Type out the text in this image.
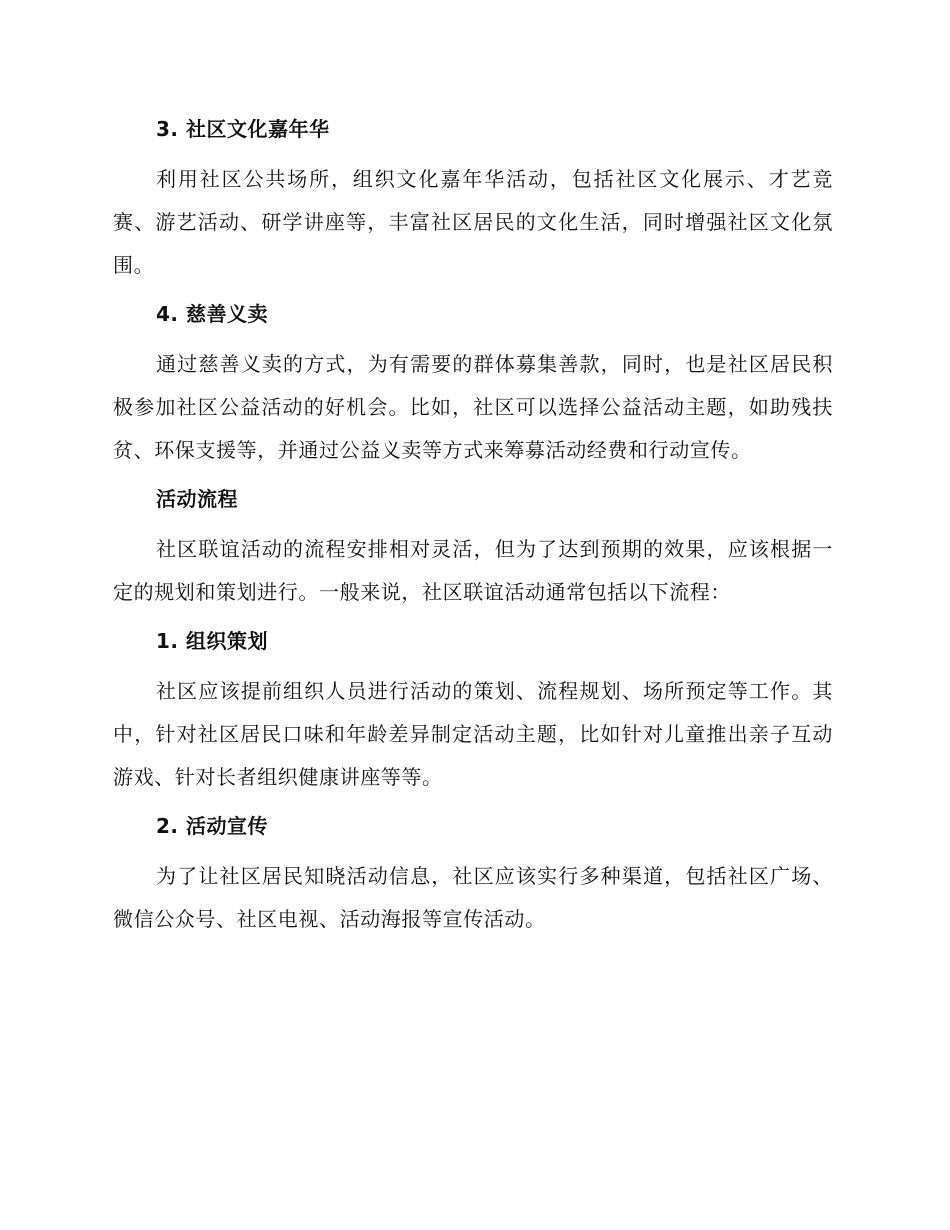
3. 社区文化嘉年华

利用社区公共场所，组织文化嘉年华活动，包括社区文化展示、才艺竞赛、游艺活动、研学讲座等，丰富社区居民的文化生活，同时增强社区文化氛围。

4. 慈善义卖

通过慈善义卖的方式，为有需要的群体募集善款，同时，也是社区居民积极参加社区公益活动的好机会。比如，社区可以选择公益活动主题，如助残扶贫、环保支援等，并通过公益义卖等方式来筹募活动经费和行动宣传。

活动流程

社区联谊活动的流程安排相对灵活，但为了达到预期的效果，应该根据一定的规划和策划进行。一般来说，社区联谊活动通常包括以下流程：

1. 组织策划

社区应该提前组织人员进行活动的策划、流程规划、场所预定等工作。其中，针对社区居民口味和年龄差异制定活动主题，比如针对儿童推出亲子互动游戏、针对长者组织健康讲座等等。

2. 活动宣传

为了让社区居民知晓活动信息，社区应该实行多种渠道，包括社区广场、微信公众号、社区电视、活动海报等宣传活动。
